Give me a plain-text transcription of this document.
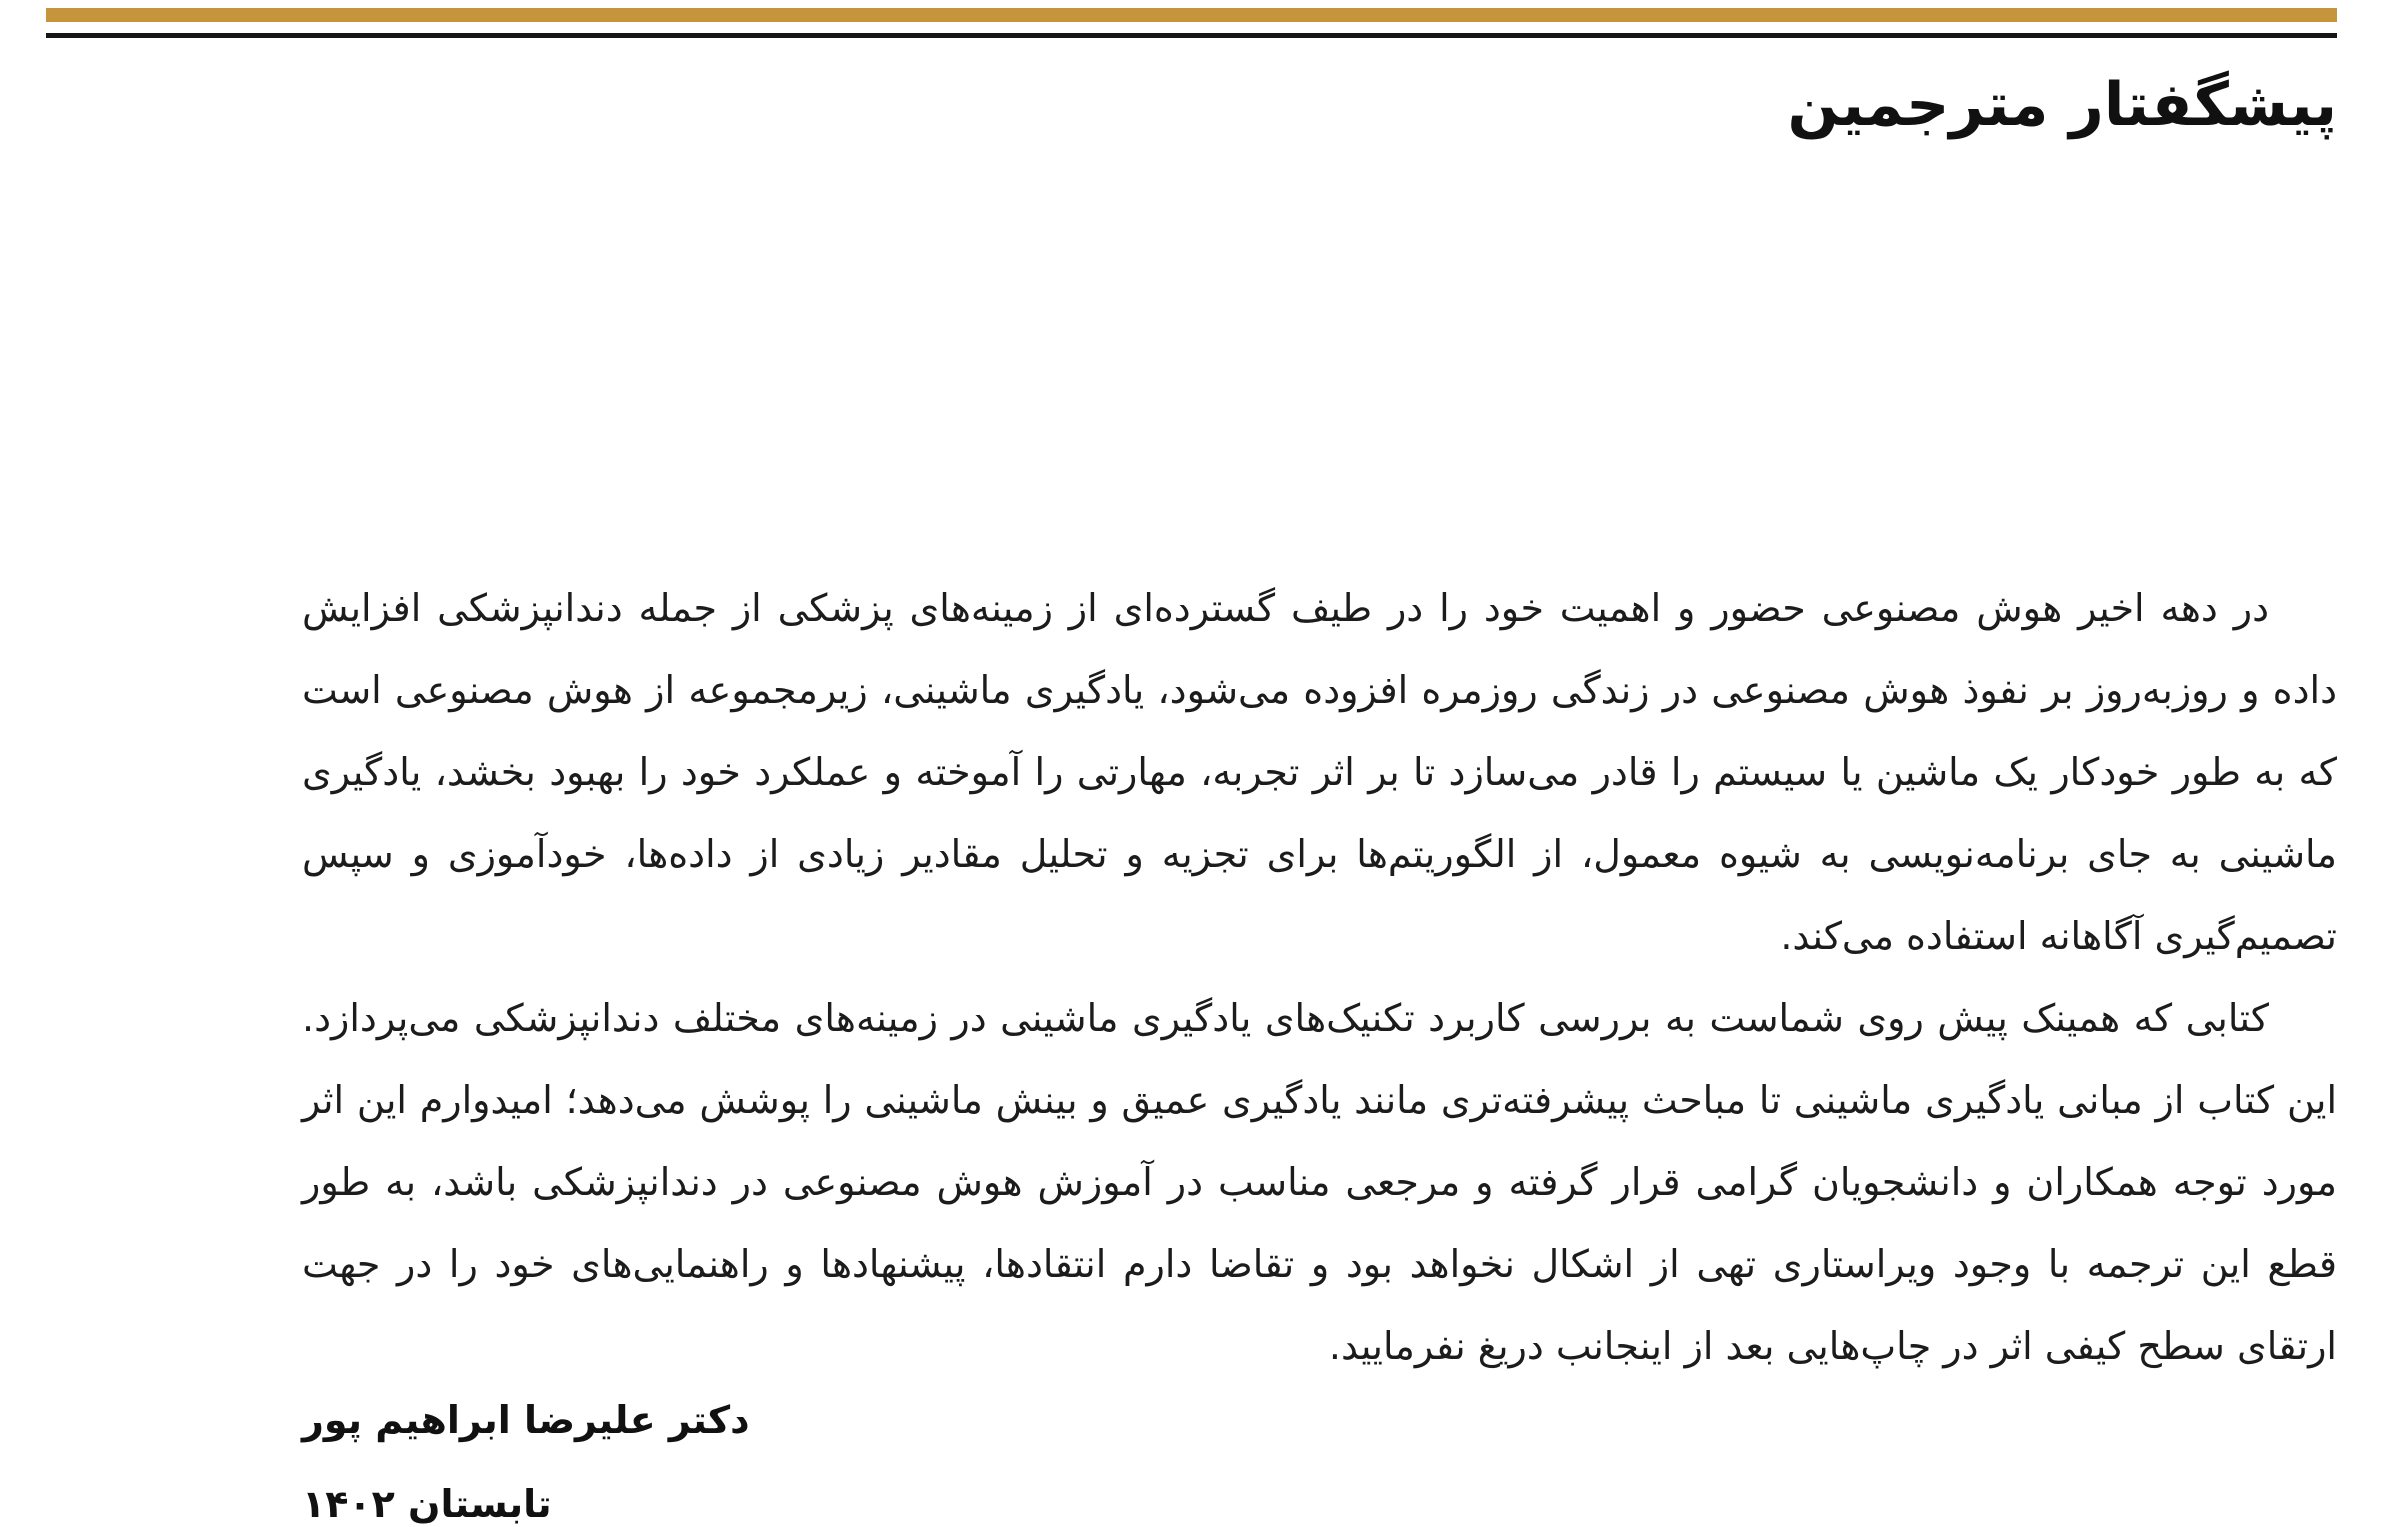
پیشگفتار مترجمین

در دهه اخیر هوش مصنوعی حضور و اهمیت خود را در طیف گسترده‌ای از زمینه‌های پزشکی از جمله دندانپزشکی افزایش داده و روزبه‌روز بر نفوذ هوش مصنوعی در زندگی روزمره افزوده می‌شود، یادگیری ماشینی، زیرمجموعه از هوش مصنوعی است که به طور خودکار یک ماشین یا سیستم را قادر می‌سازد تا بر اثر تجربه، مهارتی را آموخته و عملکرد خود را بهبود بخشد، یادگیری ماشینی به جای برنامه‌نویسی به شیوه معمول، از الگوریتم‌ها برای تجزیه و تحلیل مقادیر زیادی از داده‌ها، خودآموزی و سپس تصمیم‌گیری آگاهانه استفاده می‌کند.

کتابی که همینک پیش روی شماست به بررسی کاربرد تکنیک‌های یادگیری ماشینی در زمینه‌های مختلف دندانپزشکی می‌پردازد. این کتاب از مبانی یادگیری ماشینی تا مباحث پیشرفته‌تری مانند یادگیری عمیق و بینش ماشینی را پوشش می‌دهد؛ امیدوارم این اثر مورد توجه همکاران و دانشجویان گرامی قرار گرفته و مرجعی مناسب در آموزش هوش مصنوعی در دندانپزشکی باشد، به طور قطع این ترجمه با وجود ویراستاری تهی از اشکال نخواهد بود و تقاضا دارم انتقادها، پیشنهادها و راهنمایی‌های خود را در جهت ارتقای سطح کیفی اثر در چاپ‌هایی بعد از اینجانب دریغ نفرمایید.

دکتر علیرضا ابراهیم پور
تابستان ۱۴۰۲
